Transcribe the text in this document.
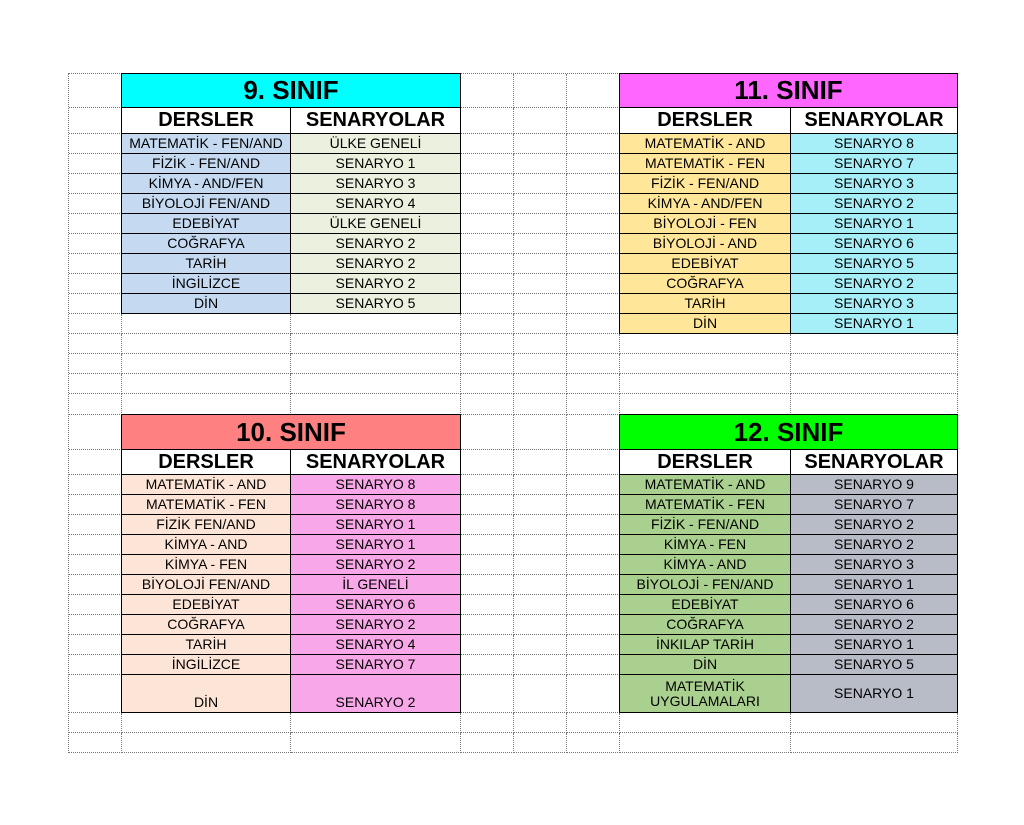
9. SINIF
DERSLER	SENARYOLAR
MATEMATİK - FEN/AND	ÜLKE GENELİ
FİZİK - FEN/AND	SENARYO 1
KİMYA - AND/FEN	SENARYO 3
BİYOLOJİ FEN/AND	SENARYO 4
EDEBİYAT	ÜLKE GENELİ
COĞRAFYA	SENARYO 2
TARİH	SENARYO 2
İNGİLİZCE	SENARYO 2
DİN	SENARYO 5
11. SINIF
DERSLER	SENARYOLAR
MATEMATİK - AND	SENARYO 8
MATEMATİK - FEN	SENARYO 7
FİZİK - FEN/AND	SENARYO 3
KİMYA - AND/FEN	SENARYO 2
BİYOLOJİ - FEN	SENARYO 1
BİYOLOJİ - AND	SENARYO 6
EDEBİYAT	SENARYO 5
COĞRAFYA	SENARYO 2
TARİH	SENARYO 3
DİN	SENARYO 1
10. SINIF
DERSLER	SENARYOLAR
MATEMATİK - AND	SENARYO 8
MATEMATİK - FEN	SENARYO 8
FİZİK FEN/AND	SENARYO 1
KİMYA - AND	SENARYO 1
KİMYA - FEN	SENARYO 2
BİYOLOJİ FEN/AND	İL GENELİ
EDEBİYAT	SENARYO 6
COĞRAFYA	SENARYO 2
TARİH	SENARYO 4
İNGİLİZCE	SENARYO 7
DİN	SENARYO 2
12. SINIF
DERSLER	SENARYOLAR
MATEMATİK - AND	SENARYO 9
MATEMATİK - FEN	SENARYO 7
FİZİK - FEN/AND	SENARYO 2
KİMYA - FEN	SENARYO 2
KİMYA - AND	SENARYO 3
BİYOLOJİ - FEN/AND	SENARYO 1
EDEBİYAT	SENARYO 6
COĞRAFYA	SENARYO 2
İNKILAP TARİH	SENARYO 1
DİN	SENARYO 5
MATEMATİK UYGULAMALARI	SENARYO 1
